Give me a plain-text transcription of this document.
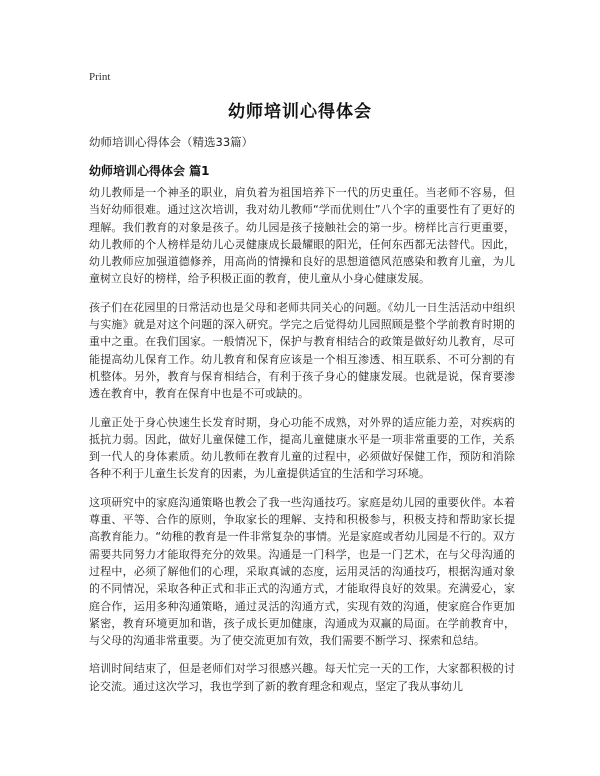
Print
幼师培训心得体会
幼师培训心得体会（精选33篇）
幼师培训心得体会 篇1

幼儿教师是一个神圣的职业，肩负着为祖国培养下一代的历史重任。当老师不容易，但当好幼师很难。通过这次培训，我对幼儿教师“学而优则仕”八个字的重要性有了更好的理解。我们教育的对象是孩子。幼儿园是孩子接触社会的第一步。榜样比言行更重要，幼儿教师的个人榜样是幼儿心灵健康成长最耀眼的阳光，任何东西都无法替代。因此，幼儿教师应加强道德修养，用高尚的情操和良好的思想道德风范感染和教育儿童，为儿童树立良好的榜样，给予积极正面的教育，使儿童从小身心健康发展。

孩子们在花园里的日常活动也是父母和老师共同关心的问题。《幼儿一日生活活动中组织与实施》就是对这个问题的深入研究。学完之后觉得幼儿园照顾是整个学前教育时期的重中之重。在我们国家。一般情况下，保护与教育相结合的政策是做好幼儿教育，尽可能提高幼儿保育工作。幼儿教育和保育应该是一个相互渗透、相互联系、不可分割的有机整体。另外，教育与保育相结合，有利于孩子身心的健康发展。也就是说，保育要渗透在教育中，教育在保育中也是不可或缺的。

儿童正处于身心快速生长发育时期，身心功能不成熟，对外界的适应能力差，对疾病的抵抗力弱。因此，做好儿童保健工作，提高儿童健康水平是一项非常重要的工作，关系到一代人的身体素质。幼儿教师在教育儿童的过程中，必须做好保健工作，预防和消除各种不利于儿童生长发育的因素，为儿童提供适宜的生活和学习环境。

这项研究中的家庭沟通策略也教会了我一些沟通技巧。家庭是幼儿园的重要伙伴。本着尊重、平等、合作的原则，争取家长的理解、支持和积极参与，积极支持和帮助家长提高教育能力。“幼稚的教育是一件非常复杂的事情。光是家庭或者幼儿园是不行的。双方需要共同努力才能取得充分的效果。沟通是一门科学，也是一门艺术，在与父母沟通的过程中，必须了解他们的心理，采取真诚的态度，运用灵活的沟通技巧，根据沟通对象的不同情况，采取各种正式和非正式的沟通方式，才能取得良好的效果。充满爱心，家庭合作，运用多种沟通策略，通过灵活的沟通方式，实现有效的沟通，使家庭合作更加紧密，教育环境更加和谐，孩子成长更加健康，沟通成为双赢的局面。在学前教育中，与父母的沟通非常重要。为了使交流更加有效，我们需要不断学习、探索和总结。

培训时间结束了，但是老师们对学习很感兴趣。每天忙完一天的工作，大家都积极的讨论交流。通过这次学习，我也学到了新的教育理念和观点，坚定了我从事幼儿
